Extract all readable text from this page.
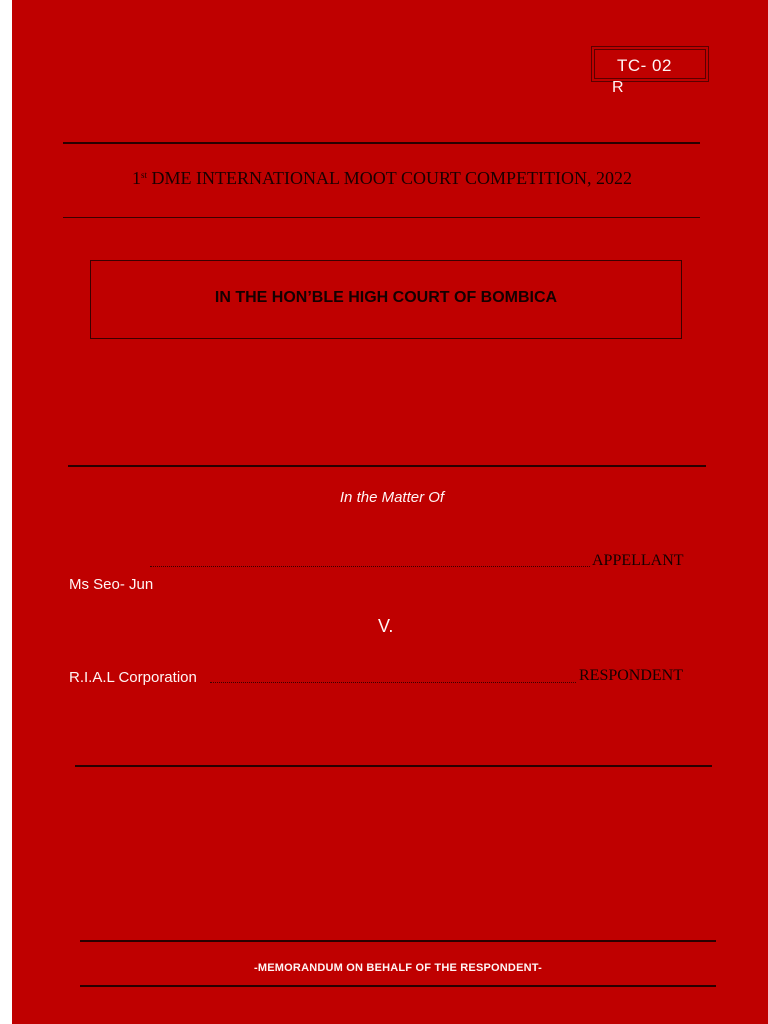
TC- 02
R
1st DME INTERNATIONAL MOOT COURT COMPETITION, 2022
IN THE HON’BLE HIGH COURT OF BOMBICA
In the Matter Of
APPELLANT
Ms Seo- Jun
V.
R.I.A.L Corporation	RESPONDENT
-MEMORANDUM ON BEHALF OF THE RESPONDENT-
